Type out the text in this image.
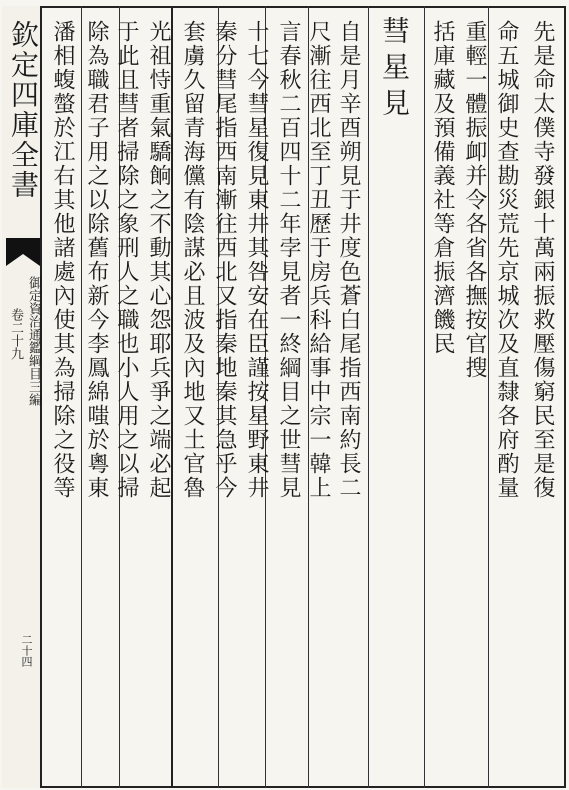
欽定四庫全書
御定資治通鑑綱目三編
卷二十九
二十四
先是命太僕寺發銀十萬兩振救壓傷窮民至是復
命五城御史查勘災荒先京城次及直隸各府酌量
重輕一體振卹并令各省各撫按官搜
括庫藏及預備義社等倉振濟饑民
彗星見
自是月辛酉朔見于井度色蒼白尾指西南約長二
尺漸往西北至丁丑歷于房兵科給事中宗一韓上
言春秋二百四十二年孛見者一終綱目之世彗見
十七今彗星復見東井其咎安在臣謹按星野東井
秦分彗尾指西南漸往西北又指秦地秦其急乎今
套虜久留青海儻有陰謀必且波及內地又土官魯
光祖恃重氣驕餉之不動其心怨耶兵爭之端必起
于此且彗者掃除之象刑人之職也小人用之以掃
除為職君子用之以除舊布新今李鳳綿嗤於粵東
潘相蝮螫於江右其他諸處內使其為掃除之役等
